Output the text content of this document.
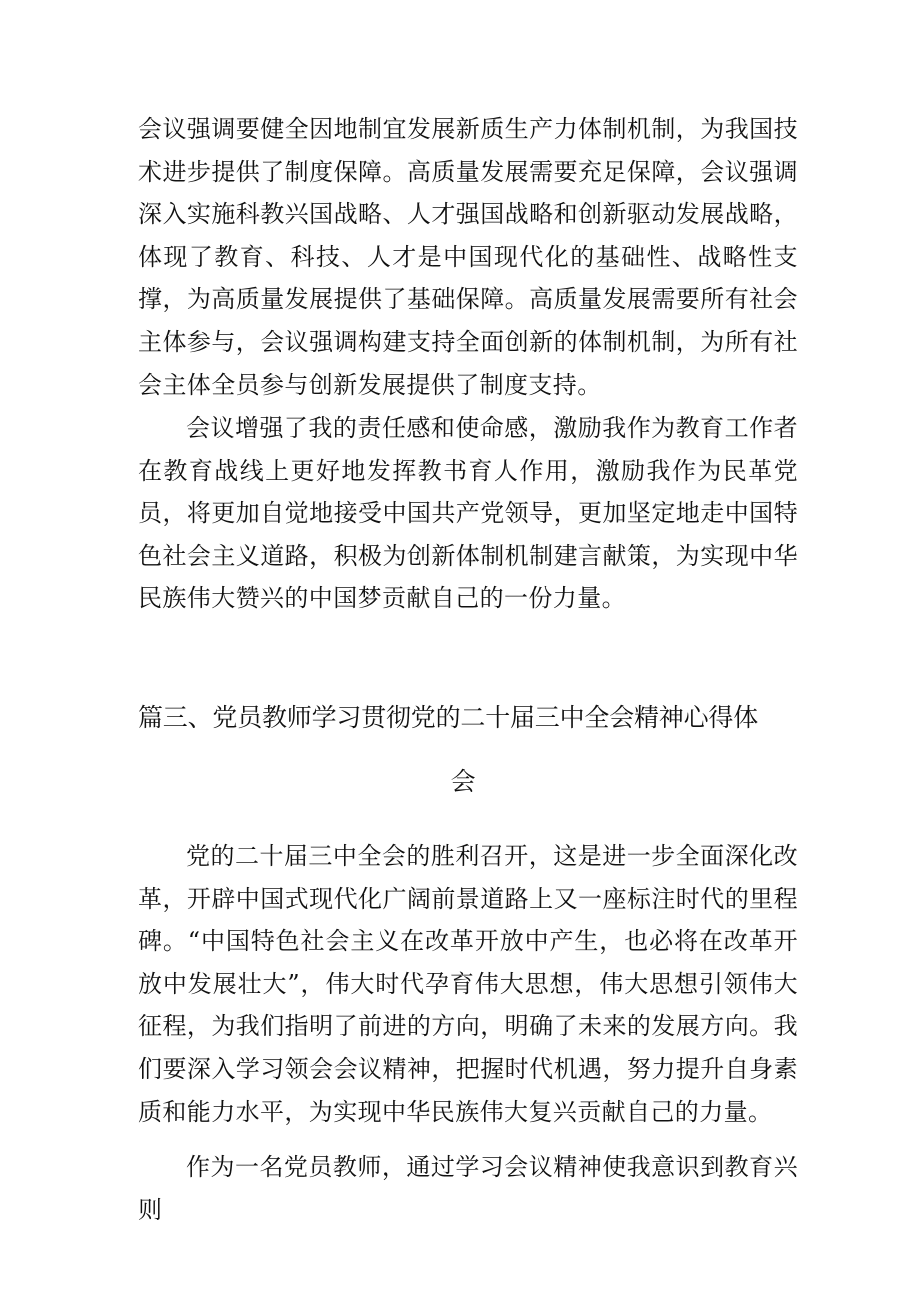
会议强调要健全因地制宜发展新质生产力体制机制，为我国技术进步提供了制度保障。高质量发展需要充足保障，会议强调深入实施科教兴国战略、人才强国战略和创新驱动发展战略，体现了教育、科技、人才是中国现代化的基础性、战略性支撑，为高质量发展提供了基础保障。高质量发展需要所有社会主体参与，会议强调构建支持全面创新的体制机制，为所有社会主体全员参与创新发展提供了制度支持。

会议增强了我的责任感和使命感，激励我作为教育工作者在教育战线上更好地发挥教书育人作用，激励我作为民革党员，将更加自觉地接受中国共产党领导，更加坚定地走中国特色社会主义道路，积极为创新体制机制建言献策，为实现中华民族伟大赞兴的中国梦贡献自己的一份力量。

篇三、党员教师学习贯彻党的二十届三中全会精神心得体
会

党的二十届三中全会的胜利召开，这是进一步全面深化改革，开辟中国式现代化广阔前景道路上又一座标注时代的里程碑。“中国特色社会主义在改革开放中产生，也必将在改革开放中发展壮大”，伟大时代孕育伟大思想，伟大思想引领伟大征程，为我们指明了前进的方向，明确了未来的发展方向。我们要深入学习领会会议精神，把握时代机遇，努力提升自身素质和能力水平，为实现中华民族伟大复兴贡献自己的力量。

作为一名党员教师，通过学习会议精神使我意识到教育兴则
